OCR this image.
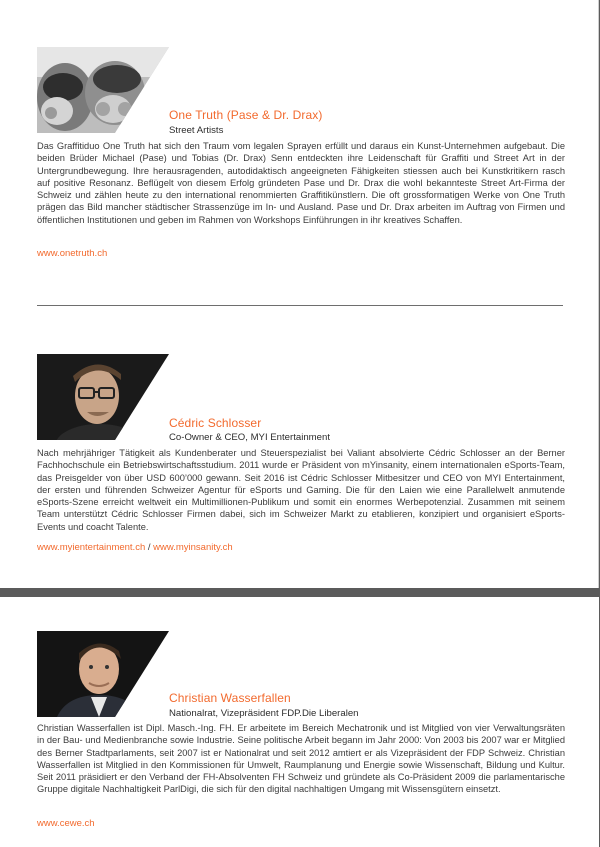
One Truth (Pase & Dr. Drax)
Street Artists

Das Graffitiduo One Truth hat sich den Traum vom legalen Sprayen erfüllt und daraus ein Kunst-Unternehmen aufgebaut. Die beiden Brüder Michael (Pase) und Tobias (Dr. Drax) Senn entdeckten ihre Leidenschaft für Graffiti und Street Art in der Untergrundbewegung. Ihre herausragenden, autodidaktisch angeeigneten Fähigkeiten stiessen auch bei Kunstkritikern rasch auf positive Resonanz. Beflügelt von diesem Erfolg gründeten Pase und Dr. Drax die wohl bekannteste Street Art-Firma der Schweiz und zählen heute zu den international renommierten Graffitikünstlern. Die oft grossformatigen Werke von One Truth prägen das Bild mancher städtischer Strassenzüge im In- und Ausland. Pase und Dr. Drax arbeiten im Auftrag von Firmen und öffentlichen Institutionen und geben im Rahmen von Workshops Einführungen in ihr kreatives Schaffen.

www.onetruth.ch
Cédric Schlosser
Co-Owner & CEO, MYI Entertainment

Nach mehrjähriger Tätigkeit als Kundenberater und Steuerspezialist bei Valiant absolvierte Cédric Schlosser an der Berner Fachhochschule ein Betriebswirtschaftsstudium. 2011 wurde er Präsident von mYinsanity, einem internationalen eSports-Team, das Preisgelder von über USD 600’000 gewann. Seit 2016 ist Cédric Schlosser Mitbesitzer und CEO von MYI Entertainment, der ersten und führenden Schweizer Agentur für eSports und Gaming. Die für den Laien wie eine Parallelwelt anmutende eSports-Szene erreicht weltweit ein Multimillionen-Publikum und somit ein enormes Werbepotenzial. Zusammen mit seinem Team unterstützt Cédric Schlosser Firmen dabei, sich im Schweizer Markt zu etablieren, konzipiert und organisiert eSports-Events und coacht Talente.

www.myientertainment.ch / www.myinsanity.ch
Christian Wasserfallen
Nationalrat, Vizepräsident FDP.Die Liberalen

Christian Wasserfallen ist Dipl. Masch.-Ing. FH. Er arbeitete im Bereich Mechatronik und ist Mitglied von vier Verwaltungsräten in der Bau- und Medienbranche sowie Industrie. Seine politische Arbeit begann im Jahr 2000: Von 2003 bis 2007 war er Mitglied des Berner Stadtparlaments, seit 2007 ist er Nationalrat und seit 2012 amtiert er als Vizepräsident der FDP Schweiz. Christian Wasserfallen ist Mitglied in den Kommissionen für Umwelt, Raumplanung und Energie sowie Wissenschaft, Bildung und Kultur. Seit 2011 präsidiert er den Verband der FH-Absolventen FH Schweiz und gründete als Co-Präsident 2009 die parlamentarische Gruppe digitale Nachhaltigkeit ParlDigi, die sich für den digital nachhaltigen Umgang mit Wissensgütern einsetzt.

www.cewe.ch
